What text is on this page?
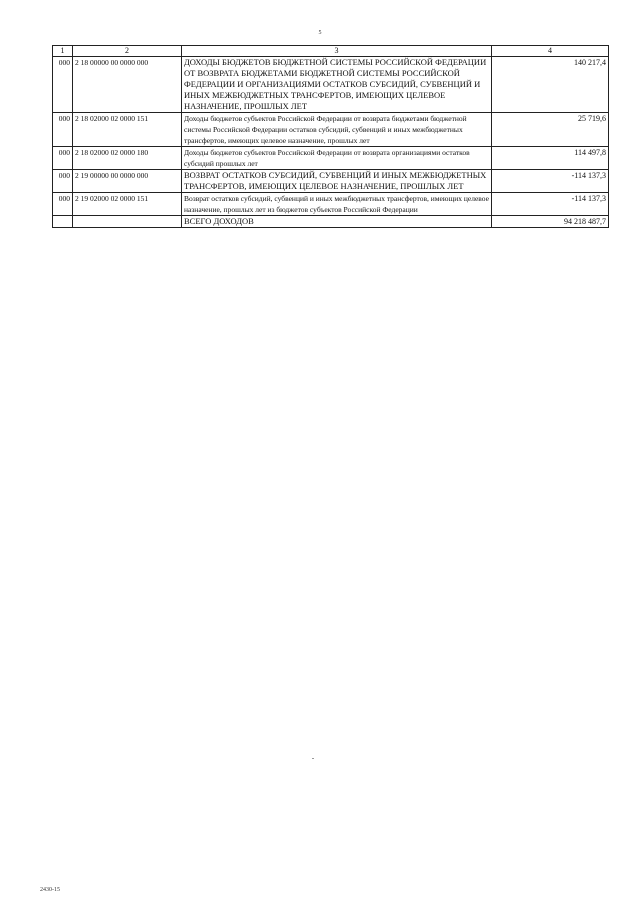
5
1	2	3	4
000	2 18 00000 00 0000 000	ДОХОДЫ БЮДЖЕТОВ БЮДЖЕТНОЙ СИСТЕМЫ РОССИЙСКОЙ ФЕДЕРАЦИИ ОТ ВОЗВРАТА БЮДЖЕТАМИ БЮДЖЕТНОЙ СИСТЕМЫ РОССИЙСКОЙ ФЕДЕРАЦИИ И ОРГАНИЗАЦИЯМИ ОСТАТКОВ СУБСИДИЙ, СУБВЕНЦИЙ И ИНЫХ МЕЖБЮДЖЕТНЫХ ТРАНСФЕРТОВ, ИМЕЮЩИХ ЦЕЛЕВОЕ НАЗНАЧЕНИЕ, ПРОШЛЫХ ЛЕТ	140 217,4
000	2 18 02000 02 0000 151	Доходы бюджетов субъектов Российской Федерации от возврата бюджетами бюджетной системы Российской Федерации остатков субсидий, субвенций и иных межбюджетных трансфертов, имеющих целевое назначение, прошлых лет	25 719,6
000	2 18 02000 02 0000 180	Доходы бюджетов субъектов Российской Федерации от возврата организациями остатков субсидий прошлых лет	114 497,8
000	2 19 00000 00 0000 000	ВОЗВРАТ ОСТАТКОВ СУБСИДИЙ, СУБВЕНЦИЙ И ИНЫХ МЕЖБЮДЖЕТНЫХ ТРАНСФЕРТОВ, ИМЕЮЩИХ ЦЕЛЕВОЕ НАЗНАЧЕНИЕ, ПРОШЛЫХ ЛЕТ	-114 137,3
000	2 19 02000 02 0000 151	Возврат остатков субсидий, субвенций и иных межбюджетных трансфертов, имеющих целевое назначение, прошлых лет из бюджетов субъектов Российской Федерации	-114 137,3
		ВСЕГО ДОХОДОВ	94 218 487,7
2430-15
